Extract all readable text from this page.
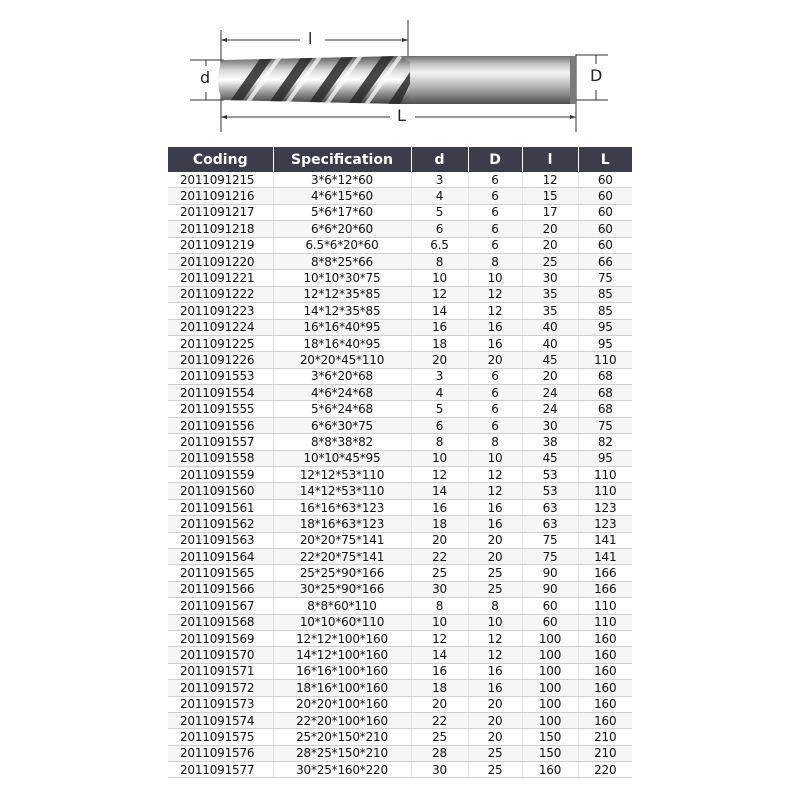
l
L
d	D
Coding	Specification	d	D	l	L
2011091215	3*6*12*60	3	6	12	60
2011091216	4*6*15*60	4	6	15	60
2011091217	5*6*17*60	5	6	17	60
2011091218	6*6*20*60	6	6	20	60
2011091219	6.5*6*20*60	6.5	6	20	60
2011091220	8*8*25*66	8	8	25	66
2011091221	10*10*30*75	10	10	30	75
2011091222	12*12*35*85	12	12	35	85
2011091223	14*12*35*85	14	12	35	85
2011091224	16*16*40*95	16	16	40	95
2011091225	18*16*40*95	18	16	40	95
2011091226	20*20*45*110	20	20	45	110
2011091553	3*6*20*68	3	6	20	68
2011091554	4*6*24*68	4	6	24	68
2011091555	5*6*24*68	5	6	24	68
2011091556	6*6*30*75	6	6	30	75
2011091557	8*8*38*82	8	8	38	82
2011091558	10*10*45*95	10	10	45	95
2011091559	12*12*53*110	12	12	53	110
2011091560	14*12*53*110	14	12	53	110
2011091561	16*16*63*123	16	16	63	123
2011091562	18*16*63*123	18	16	63	123
2011091563	20*20*75*141	20	20	75	141
2011091564	22*20*75*141	22	20	75	141
2011091565	25*25*90*166	25	25	90	166
2011091566	30*25*90*166	30	25	90	166
2011091567	8*8*60*110	8	8	60	110
2011091568	10*10*60*110	10	10	60	110
2011091569	12*12*100*160	12	12	100	160
2011091570	14*12*100*160	14	12	100	160
2011091571	16*16*100*160	16	16	100	160
2011091572	18*16*100*160	18	16	100	160
2011091573	20*20*100*160	20	20	100	160
2011091574	22*20*100*160	22	20	100	160
2011091575	25*20*150*210	25	20	150	210
2011091576	28*25*150*210	28	25	150	210
2011091577	30*25*160*220	30	25	160	220
